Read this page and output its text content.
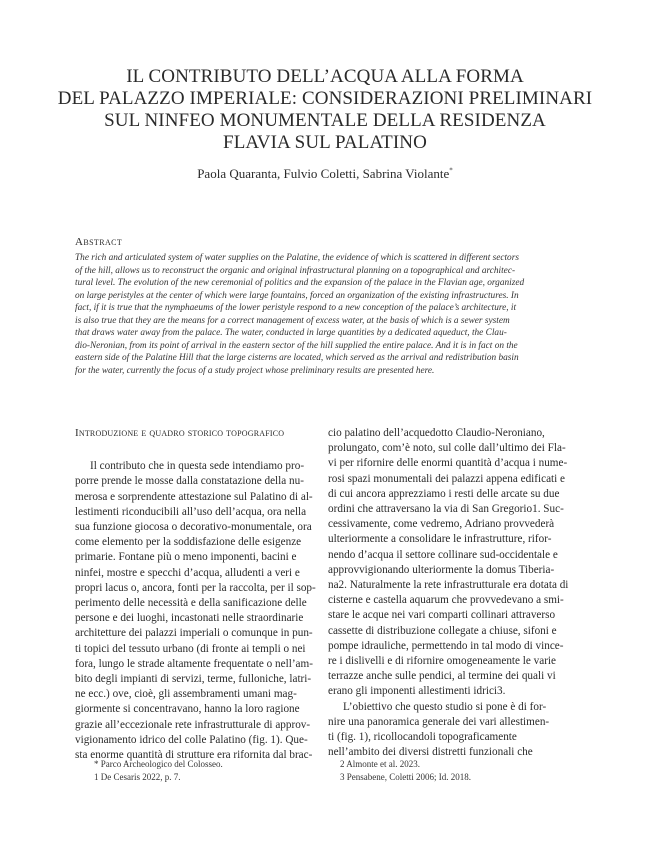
IL CONTRIBUTO DELL’ACQUA ALLA FORMA
DEL PALAZZO IMPERIALE: CONSIDERAZIONI PRELIMINARI
SUL NINFEO MONUMENTALE DELLA RESIDENZA
FLAVIA SUL PALATINO
Paola Quaranta, Fulvio Coletti, Sabrina Violante*
Abstract
The rich and articulated system of water supplies on the Palatine, the evidence of which is scattered in different sectors
of the hill, allows us to reconstruct the organic and original infrastructural planning on a topographical and architec-
tural level. The evolution of the new ceremonial of politics and the expansion of the palace in the Flavian age, organized
on large peristyles at the center of which were large fountains, forced an organization of the existing infrastructures. In
fact, if it is true that the nymphaeums of the lower peristyle respond to a new conception of the palace’s architecture, it
is also true that they are the means for a correct management of excess water, at the basis of which is a sewer system
that draws water away from the palace. The water, conducted in large quantities by a dedicated aqueduct, the Clau-
dio-Neronian, from its point of arrival in the eastern sector of the hill supplied the entire palace. And it is in fact on the
eastern side of the Palatine Hill that the large cisterns are located, which served as the arrival and redistribution basin
for the water, currently the focus of a study project whose preliminary results are presented here.
Introduzione e quadro storico topografico
Il contributo che in questa sede intendiamo pro-
porre prende le mosse dalla constatazione della nu-
merosa e sorprendente attestazione sul Palatino di al-
lestimenti riconducibili all’uso dell’acqua, ora nella
sua funzione giocosa o decorativo-monumentale, ora
come elemento per la soddisfazione delle esigenze
primarie. Fontane più o meno imponenti, bacini e
ninfei, mostre e specchi d’acqua, alludenti a veri e
propri lacus o, ancora, fonti per la raccolta, per il sop-
perimento delle necessità e della sanificazione delle
persone e dei luoghi, incastonati nelle straordinarie
architetture dei palazzi imperiali o comunque in pun-
ti topici del tessuto urbano (di fronte ai templi o nei
fora, lungo le strade altamente frequentate o nell’am-
bito degli impianti di servizi, terme, fulloniche, latri-
ne ecc.) ove, cioè, gli assembramenti umani mag-
giormente si concentravano, hanno la loro ragione
grazie all’eccezionale rete infrastrutturale di approv-
vigionamento idrico del colle Palatino (fig. 1). Que-
sta enorme quantità di strutture era rifornita dal brac-
cio palatino dell’acquedotto Claudio-Neroniano,
prolungato, com’è noto, sul colle dall’ultimo dei Fla-
vi per rifornire delle enormi quantità d’acqua i nume-
rosi spazi monumentali dei palazzi appena edificati e
di cui ancora apprezziamo i resti delle arcate su due
ordini che attraversano la via di San Gregorio1. Suc-
cessivamente, come vedremo, Adriano provvederà
ulteriormente a consolidare le infrastrutture, rifor-
nendo d’acqua il settore collinare sud-occidentale e
approvvigionando ulteriormente la domus Tiberia-
na2. Naturalmente la rete infrastrutturale era dotata di
cisterne e castella aquarum che provvedevano a smi-
stare le acque nei vari comparti collinari attraverso
cassette di distribuzione collegate a chiuse, sifoni e
pompe idrauliche, permettendo in tal modo di vince-
re i dislivelli e di rifornire omogeneamente le varie
terrazze anche sulle pendici, al termine dei quali vi
erano gli imponenti allestimenti idrici3.
L’obiettivo che questo studio si pone è di for-
nire una panoramica generale dei vari allestimen-
ti (fig. 1), ricollocandoli topograficamente
nell’ambito dei diversi distretti funzionali che
* Parco Archeologico del Colosseo.
1 De Cesaris 2022, p. 7.
2 Almonte et al. 2023.
3 Pensabene, Coletti 2006; Id. 2018.
